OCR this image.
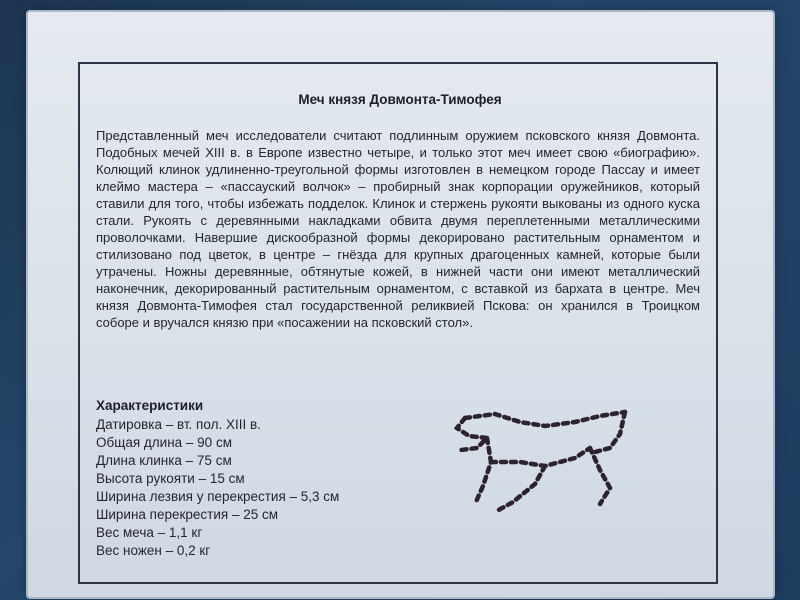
Меч князя Довмонта-Тимофея
Представленный меч исследователи считают подлинным оружием псковского князя Довмонта. Подобных мечей XIII в. в Европе известно четыре, и только этот меч имеет свою «биографию». Колющий клинок удлиненно-треугольной формы изготовлен в немецком городе Пассау и имеет клеймо мастера – «пассауский волчок» – пробирный знак корпорации оружейников, который ставили для того, чтобы избежать подделок. Клинок и стержень рукояти выкованы из одного куска стали. Рукоять с деревянными накладками обвита двумя переплетенными металлическими проволочками. Навершие дискообразной формы декорировано растительным орнаментом и стилизовано под цветок, в центре – гнёзда для крупных драгоценных камней, которые были утрачены. Ножны деревянные, обтянутые кожей, в нижней части они имеют металлический наконечник, декорированный растительным орнаментом, с вставкой из бархата в центре. Меч князя Довмонта-Тимофея стал государственной реликвией Пскова: он хранился в Троицком соборе и вручался князю при «посажении на псковский стол».
Характеристики
Датировка – вт. пол. XIII в.
Общая длина – 90 см
Длина клинка – 75 см
Высота рукояти – 15 см
Ширина лезвия у перекрестия – 5,3 см
Ширина перекрестия – 25 см
Вес меча – 1,1 кг
Вес ножен – 0,2 кг
